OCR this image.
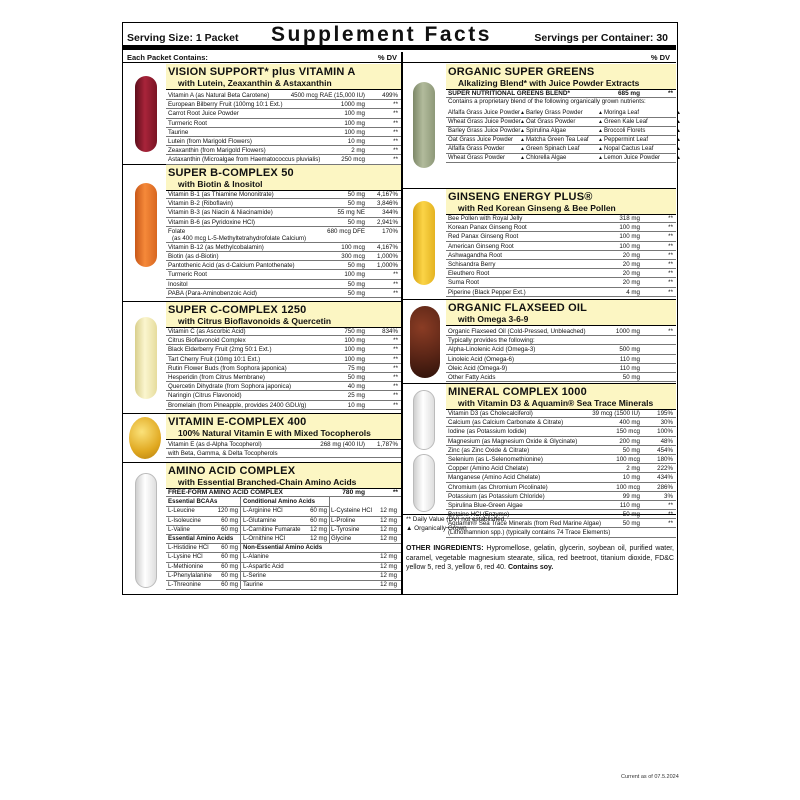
Serving Size: 1 Packet Supplement Facts	Servings per Container: 30
Each Packet Contains:	% DV	% DV
VISION SUPPORT* plus VITAMIN A
with Lutein, Zeaxanthin & Astaxanthin
Vitamin A (as Natural Beta Carotene)	4500 mcg RAE (15,000 IU)	499%
European Bilberry Fruit (100mg 10:1 Ext.)	1000 mg	**
Carrot Root Juice Powder	100 mg	**
Turmeric Root	100 mg	**
Taurine	100 mg	**
Lutein (from Marigold Flowers)	10 mg	**
Zeaxanthin (from Marigold Flowers)	2 mg	**
Astaxanthin (Microalgae from Haematococcus pluvialis)	250 mcg	**
SUPER B-COMPLEX 50
with Biotin & Inositol
Vitamin B-1 (as Thiamine Mononitrate)	50 mg 4,167%
Vitamin B-2 (Riboflavin)	50 mg 3,846%
Vitamin B-3 (as Niacin & Niacinamide)	55 mg NE	344%
Vitamin B-6 (as Pyridoxine HCl)	50 mg 2,941%
Folate
(as 400 mcg L-5-Methyltetrahydrofolate Calcium)
680 mcg DFE	170%
Vitamin B-12 (as Methylcobalamin)	100 mcg 4,167%
Biotin (as d-Biotin)	300 mcg 1,000%
Pantothenic Acid (as d-Calcium Pantothenate)	50 mg 1,000%
Turmeric Root	100 mg	**
Inositol	50 mg	**
PABA (Para-Aminobenzoic Acid)	50 mg	**
SUPER C-COMPLEX 1250
with Citrus Bioflavonoids & Quercetin
Vitamin C (as Ascorbic Acid)	750 mg	834%
Citrus Bioflavonoid Complex	100 mg	**
Black Elderberry Fruit (2mg 50:1 Ext.)	100 mg	**
Tart Cherry Fruit (10mg 10:1 Ext.)	100 mg	**
Rutin Flower Buds (from Sophora japonica)	75 mg	**
Hesperidin (from Citrus Membrane)	50 mg	**
Quercetin Dihydrate (from Sophora japonica)	40 mg	**
Naringin (Citrus Flavonoid)	25 mg	**
Bromelain (from Pineapple, provides 2400 GDU/g)	10 mg	**
VITAMIN E-COMPLEX 400
100% Natural Vitamin E with Mixed Tocopherols
Vitamin E (as d-Alpha Tocopherol)	268 mg (400 IU) 1,787%
with Beta, Gamma, & Delta Tocopherols
AMINO ACID COMPLEX
with Essential Branched-Chain Amino Acids
FREE-FORM AMINO ACID COMPLEX	780 mg	**
Essential BCAAs
L-Leucine	120 mg
L-Isoleucine	60 mg
L-Valine	60 mg
Essential Amino Acids
L-Histidine HCl	60 mg
L-Lysine HCl	60 mg
L-Methionine	60 mg
L-Phenylalanine	60 mg
L-Threonine	60 mg
Conditional Amino Acids
L-Arginine HCl	60 mg
L-Glutamine	60 mg
L-Carnitine Fumarate	12 mg
L-Ornithine HCl	12 mg
Non-Essential Amino Acids
L-Alanine	12 mg
L-Aspartic Acid	12 mg
L-Serine	12 mg
Taurine	12 mg
L-Cysteine HCl	12 mg
L-Proline	12 mg
L-Tyrosine	12 mg
Glycine	12 mg
ORGANIC SUPER GREENS
Alkalizing Blend* with Juice Powder Extracts
SUPER NUTRITIONAL GREENS BLEND*	685 mg	**
Contains a proprietary blend of the following organically grown nutrients:
Alfalfa Grass Juice Powder ▲ Barley Grass Powder	▲ Moringa Leaf	▲
Wheat Grass Juice Powder ▲ Oat Grass Powder	▲ Green Kale Leaf	▲
Barley Grass Juice Powder ▲ Spirulina Algae	▲ Broccoli Florets	▲
Oat Grass Juice Powder ▲ Matcha Green Tea Leaf ▲ Peppermint Leaf	▲
Alfalfa Grass Powder	▲ Green Spinach Leaf	▲ Nopal Cactus Leaf	▲
Wheat Grass Powder	▲ Chlorella Algae	▲ Lemon Juice Powder	▲
GINSENG ENERGY PLUS®
with Red Korean Ginseng & Bee Pollen
Bee Pollen with Royal Jelly	318 mg	**
Korean Panax Ginseng Root	100 mg	**
Red Panax Ginseng Root	100 mg	**
American Ginseng Root	100 mg	**
Ashwagandha Root	20 mg	**
Schisandra Berry	20 mg	**
Eleuthero Root	20 mg	**
Suma Root	20 mg	**
Piperine (Black Pepper Ext.)	4 mg	**
ORGANIC FLAXSEED OIL
with Omega 3-6-9
Organic Flaxseed Oil (Cold-Pressed, Unbleached)	1000 mg	**
Typically provides the following:
Alpha-Linolenic Acid (Omega-3)	500 mg
Linoleic Acid (Omega-6)	110 mg
Oleic Acid (Omega-9)	110 mg
Other Fatty Acids	50 mg
MINERAL COMPLEX 1000
with Vitamin D3 & Aquamin® Sea Trace Minerals
Vitamin D3 (as Cholecalciferol)	39 mcg (1500 IU)	195%
Calcium (as Calcium Carbonate & Citrate)	400 mg	30%
Iodine (as Potassium Iodide)	150 mcg	100%
Magnesium (as Magnesium Oxide & Glycinate)	200 mg	48%
Zinc (as Zinc Oxide & Citrate)	50 mg	454%
Selenium (as L-Selenomethionine)	100 mcg	180%
Copper (Amino Acid Chelate)	2 mg	222%
Manganese (Amino Acid Chelate)	10 mg	434%
Chromium (as Chromium Picolinate)	100 mcg	286%
Potassium (as Potassium Chloride)	99 mg	3%
Spirulina Blue-Green Algae	110 mg	**
Betaine HCl (Enzyme)	50 mg	**
Aquamin® Sea Trace Minerals (from Red Marine Algae)	50 mg	**
(Lithothamnion spp.) (typically contains 74 Trace Elements)
** Daily Value (DV) not established.
▲ Organically Grown
OTHER INGREDIENTS: Hypromellose, gelatin, glycerin, soybean oil, purified water, caramel, vegetable magnesium stearate, silica, red beetroot, titanium dioxide, FD&C yellow 5, red 3, yellow 6, red 40. Contains soy.
Current as of 07.5.2024
